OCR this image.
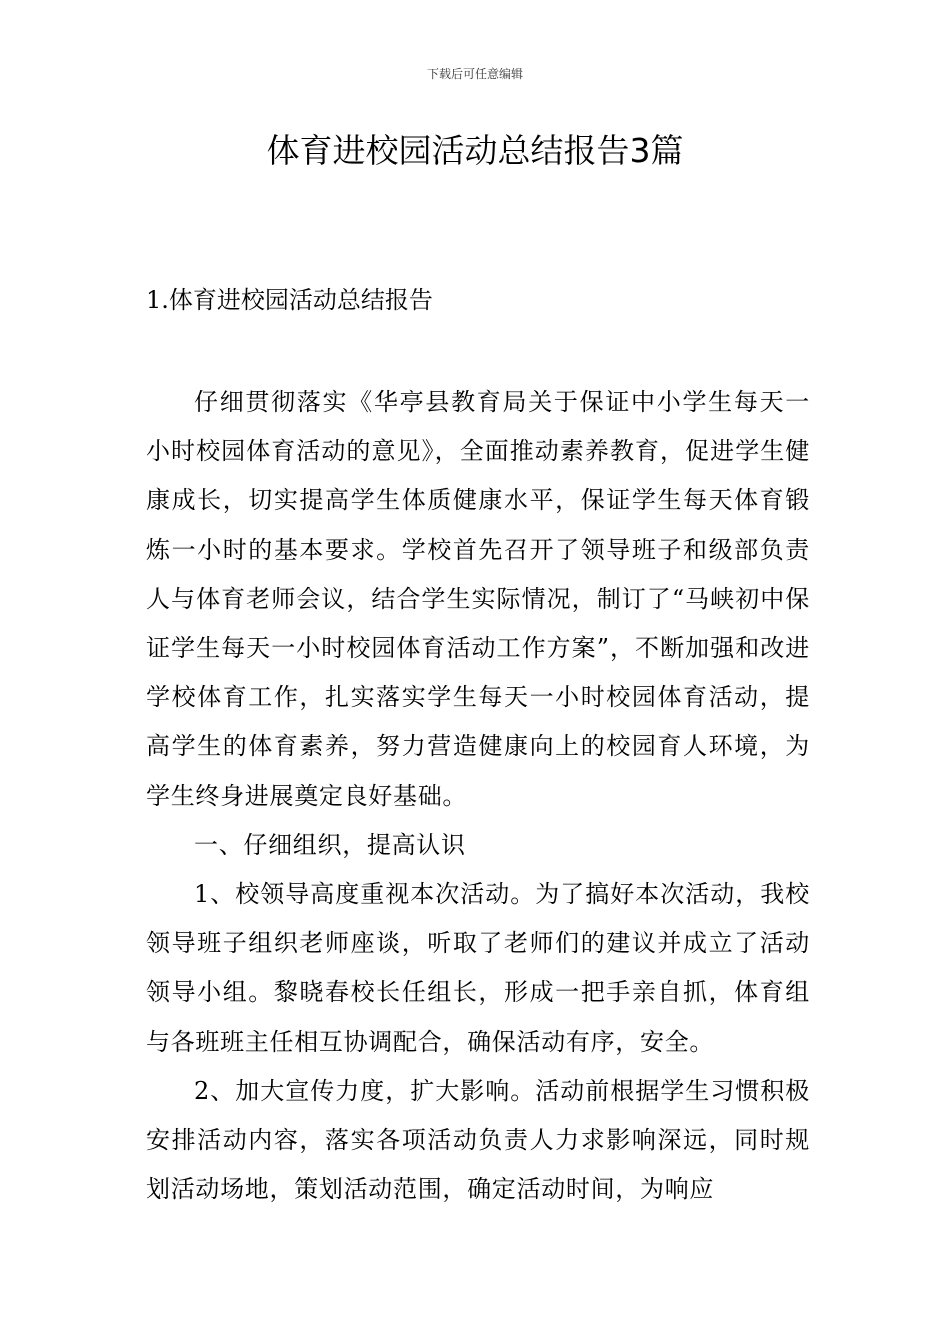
下载后可任意编辑
体育进校园活动总结报告3篇
1.体育进校园活动总结报告

仔细贯彻落实《华亭县教育局关于保证中小学生每天一小时校园体育活动的意见》，全面推动素养教育，促进学生健康成长，切实提高学生体质健康水平，保证学生每天体育锻炼一小时的基本要求。学校首先召开了领导班子和级部负责人与体育老师会议，结合学生实际情况，制订了“马峡初中保证学生每天一小时校园体育活动工作方案”，不断加强和改进学校体育工作，扎实落实学生每天一小时校园体育活动，提高学生的体育素养，努力营造健康向上的校园育人环境，为学生终身进展奠定良好基础。

一、仔细组织，提高认识

1、校领导高度重视本次活动。为了搞好本次活动，我校领导班子组织老师座谈，听取了老师们的建议并成立了活动领导小组。黎晓春校长任组长，形成一把手亲自抓，体育组与各班班主任相互协调配合，确保活动有序，安全。

2、加大宣传力度，扩大影响。活动前根据学生习惯积极安排活动内容，落实各项活动负责人力求影响深远，同时规划活动场地，策划活动范围，确定活动时间，为响应
